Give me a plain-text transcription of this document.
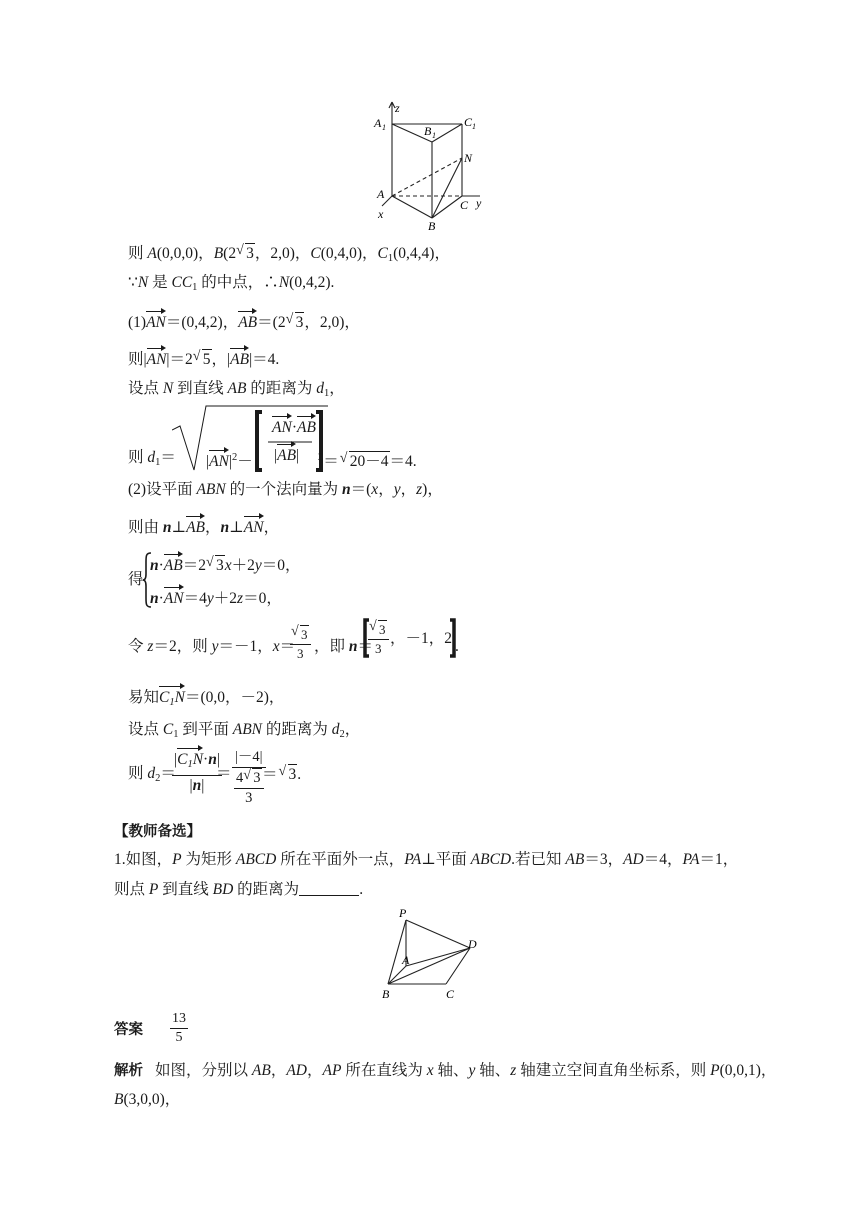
z
A 1	B 1
C 1
N
A
C y
x
B
则 A(0,0,0)，B(2 √ 3，2,0)，C(0,4,0)，$C_1(0,4,4)$，
∵N 是 $CC_1$ 的中点，∴N(0,4,2).
(1)AN＝(0,4,2)，AB＝(2 √ 3，2,0)，
则|AN|＝2 √ 5，|AB|＝4.
设点 N 到直线 AB 的距离为 $d_1$，
则 $d_1= |AN|^2-$
AN·AB
|AB| $^2$＝ √ 20－4＝4.
(2)设平面 ABN 的一个法向量为 n＝(x，y，z)，
则由 n⊥AB，n⊥AN，
得
n·AB＝2 √ 3x＋2y＝0，
n·AN＝4y＋2z＝0，
令 z＝2，则 y＝－1，x＝
√ 3
3 ，即 n＝
√ 3
3
，－1，2 .
易知$C_1N=(0,0$，－2)，
设点 $C_1$ 到平面 ABN 的距离为 $d_2$，
则 $d_2=$
$|C_1N\cdot n|$
|n|
＝
|－4|
4 √ 3
3
＝ √ 3.
【教师备选】
1.如图，P 为矩形 ABCD 所在平面外一点，PA⊥平面 ABCD.若已知 AB＝3，AD＝4，PA＝1，
则点 P 到直线 BD 的距离为	.
P
D
A
B	C
答案
13
5
解析 如图，分别以 AB，AD，AP 所在直线为 x 轴、y 轴、z 轴建立空间直角坐标系，则 P(0,0,1)，
B(3,0,0)，
